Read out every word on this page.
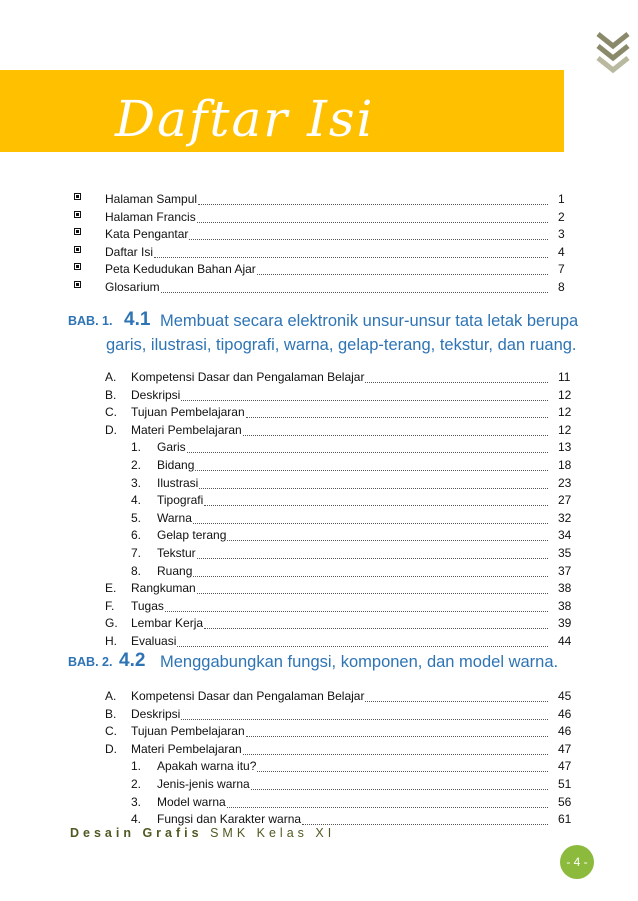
Daftar Isi
Halaman Sampul	1
Halaman Francis	2
Kata Pengantar	3
Daftar Isi	4
Peta Kedudukan Bahan Ajar	7
Glosarium	8
BAB. 1. 4.1 Membuat secara elektronik unsur-unsur tata letak berupa
garis, ilustrasi, tipografi, warna, gelap-terang, tekstur, dan ruang.
A. Kompetensi Dasar dan Pengalaman Belajar	11
B. Deskripsi	12
C. Tujuan Pembelajaran	12
D. Materi Pembelajaran	12
1. Garis	13
2. Bidang	18
3. Ilustrasi	23
4. Tipografi	27
5. Warna	32
6. Gelap terang	34
7. Tekstur	35
8. Ruang	37
E. Rangkuman	38
F. Tugas	38
G. Lembar Kerja	39
H. Evaluasi	44
BAB. 2. 4.2 Menggabungkan fungsi, komponen, dan model warna.
A. Kompetensi Dasar dan Pengalaman Belajar	45
B. Deskripsi	46
C. Tujuan Pembelajaran	46
D. Materi Pembelajaran	47
1. Apakah warna itu?	47
2. Jenis-jenis warna	51
3. Model warna	56
4. Fungsi dan Karakter warna	61
Desain Grafis SMK Kelas XI
- 4 -
